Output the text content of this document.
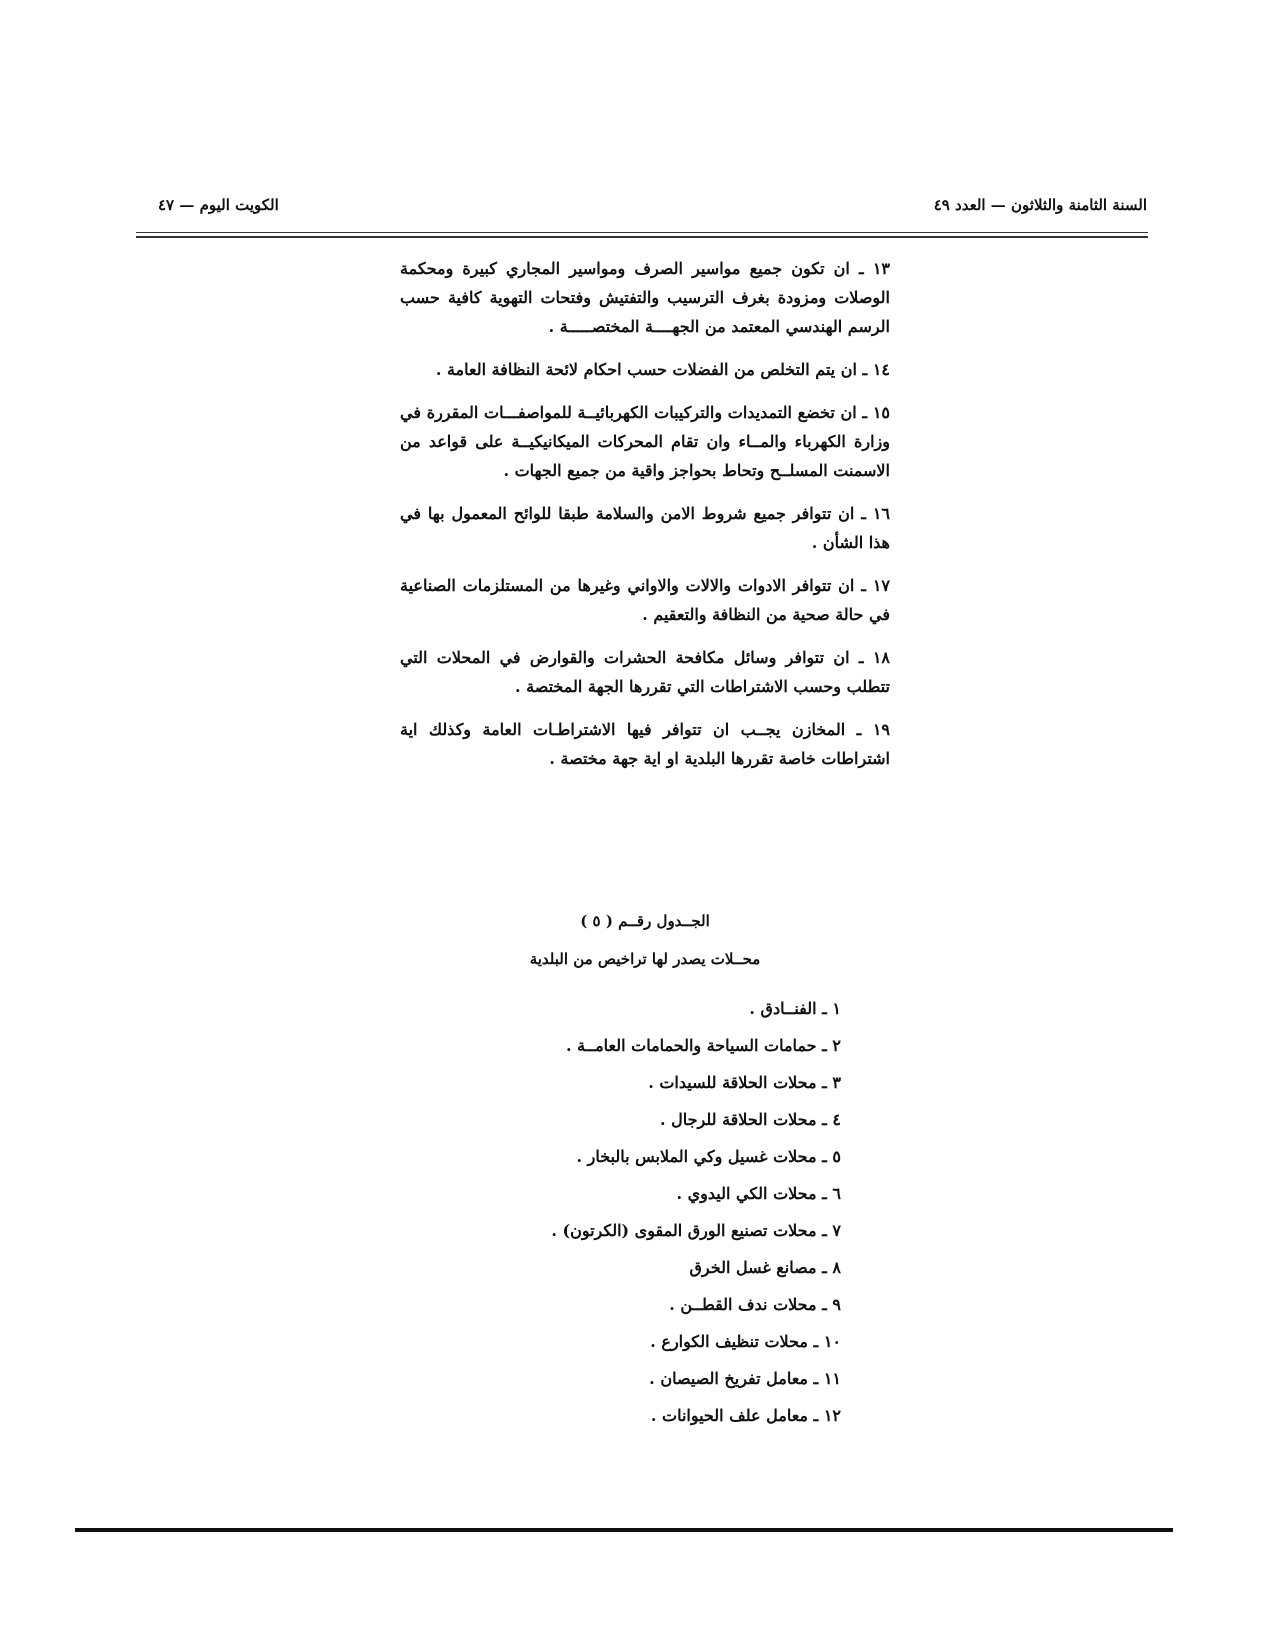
الكويت اليوم — ٤٧	السنة الثامنة والثلاثون — العدد ٤٩

١٣ ـ ان تكون جميع مواسير الصرف ومواسير المجاري كبيرة ومحكمة الوصلات ومزودة بغرف الترسيب والتفتيش وفتحات التهوية كافية حسب الرسم الهندسي المعتمد من الجهــــة المختصـــــة .

١٤ ـ ان يتم التخلص من الفضلات حسب احكام لائحة النظافة العامة .

١٥ ـ ان تخضع التمديدات والتركيبات الكهربائيــة للمواصفـــات المقررة في وزارة الكهرباء والمــاء وان تقام المحركات الميكانيكيــة على قواعد من الاسمنت المسلــح وتحاط بحواجز واقية من جميع الجهات .

١٦ ـ ان تتوافر جميع شروط الامن والسلامة طبقا للوائح المعمول بها في هذا الشأن .

١٧ ـ ان تتوافر الادوات والالات والاواني وغيرها من المستلزمات الصناعية في حالة صحية من النظافة والتعقيم .

١٨ ـ ان تتوافر وسائل مكافحة الحشرات والقوارض في المحلات التي تتطلب وحسب الاشتراطات التي تقررها الجهة المختصة .

١٩ ـ المخازن يجــب ان تتوافر فيها الاشتراطـات العامة وكذلك اية اشتراطات خاصة تقررها البلدية او اية جهة مختصة .

الجــدول رقــم ( ٥ )
محــلات يصدر لها تراخيص من البلدية
١ ـ الفنــادق .
٢ ـ حمامات السياحة والحمامات العامــة .
٣ ـ محلات الحلاقة للسيدات .
٤ ـ محلات الحلاقة للرجال .
٥ ـ محلات غسيل وكي الملابس بالبخار .
٦ ـ محلات الكي اليدوي .
٧ ـ محلات تصنيع الورق المقوى (الكرتون) .
٨ ـ مصانع غسل الخرق
٩ ـ محلات ندف القطــن .
١٠ ـ محلات تنظيف الكوارع .
١١ ـ معامل تفريخ الصيصان .
١٢ ـ معامل علف الحيوانات .
